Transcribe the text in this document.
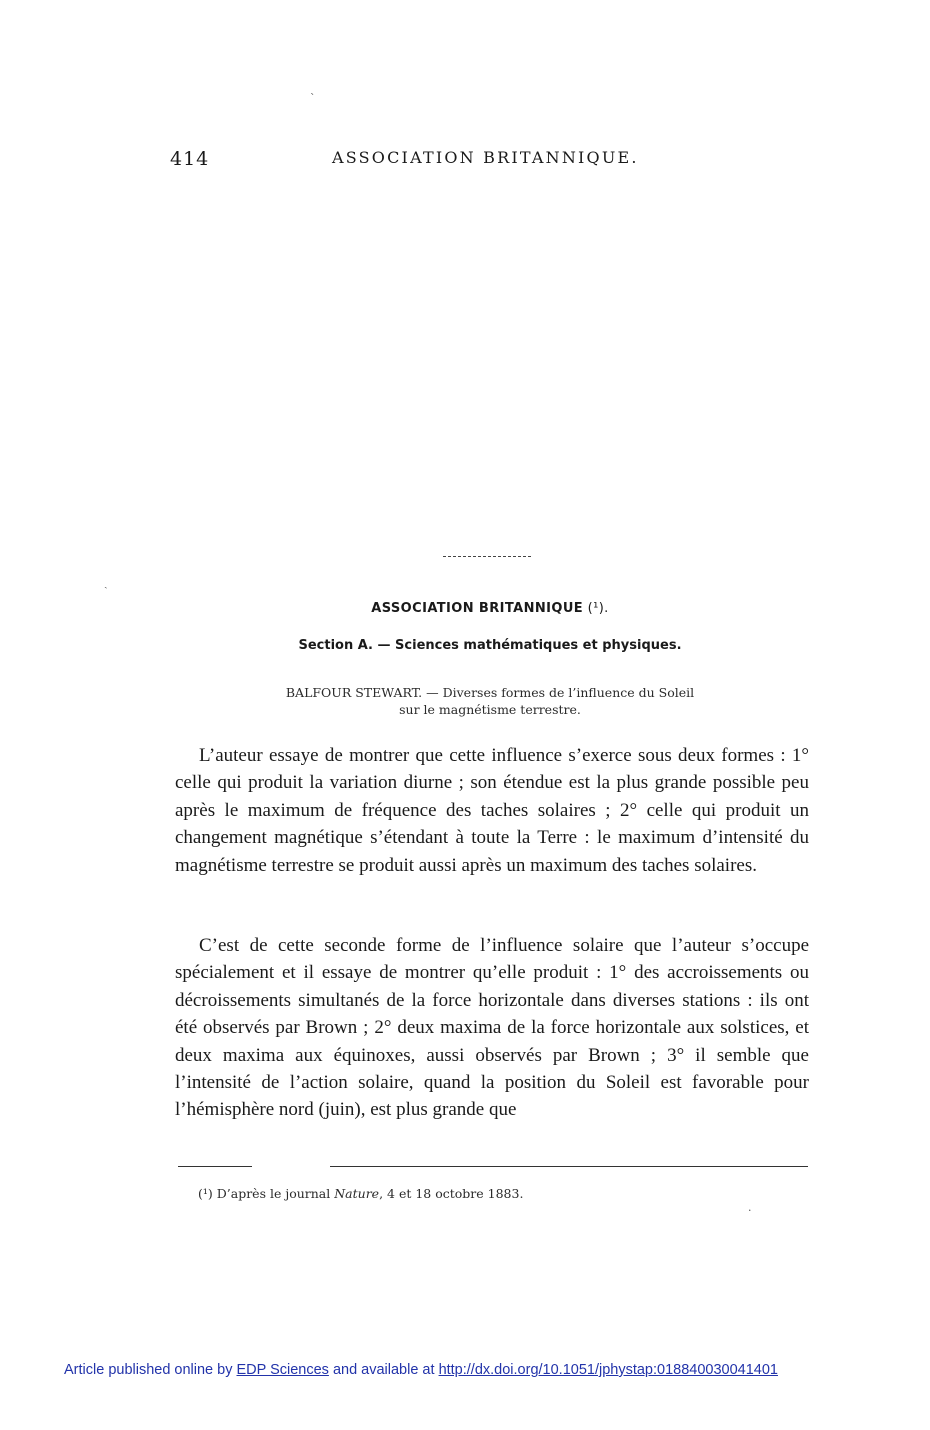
414	ASSOCIATION BRITANNIQUE.
`
ˏ
·
ASSOCIATION BRITANNIQUE (¹).
Section A. — Sciences mathématiques et physiques.
BALFOUR STEWART. — Diverses formes de l’influence du Soleil
sur le magnétisme terrestre.
L’auteur essaye de montrer que cette influence s’exerce sous deux formes : 1° celle qui produit la variation diurne ; son étendue est la plus grande possible peu après le maximum de fréquence des taches solaires ; 2° celle qui produit un changement magnétique s’étendant à toute la Terre : le maximum d’intensité du magnétisme terrestre se produit aussi après un maximum des taches solaires.
C’est de cette seconde forme de l’influence solaire que l’auteur s’occupe spécialement et il essaye de montrer qu’elle produit : 1° des accroissements ou décroissements simultanés de la force horizontale dans diverses stations : ils ont été observés par Brown ; 2° deux maxima de la force horizontale aux solstices, et deux maxima aux équinoxes, aussi observés par Brown ; 3° il semble que l’intensité de l’action solaire, quand la position du Soleil est favorable pour l’hémisphère nord (juin), est plus grande que
(¹) D’après le journal Nature, 4 et 18 octobre 1883.
Article published online by EDP Sciences and available at http://dx.doi.org/10.1051/jphystap:018840030041401
